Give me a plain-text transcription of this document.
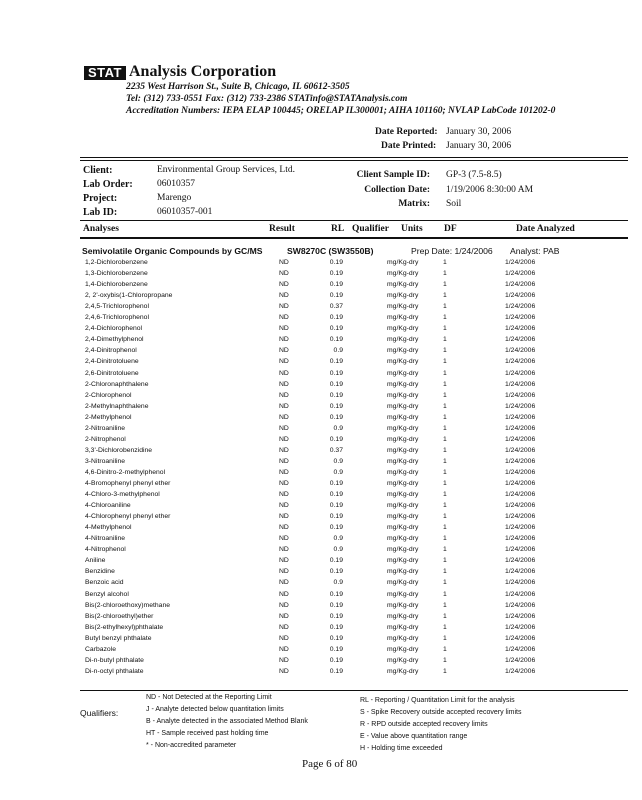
STAT Analysis Corporation
2235 West Harrison St., Suite B, Chicago, IL 60612-3505
Tel: (312) 733-0551 Fax: (312) 733-2386 STATinfo@STATAnalysis.com
Accreditation Numbers: IEPA ELAP 100445; ORELAP IL300001; AIHA 101160; NVLAP LabCode 101202-0
Date Reported: January 30, 2006
Date Printed: January 30, 2006
Client:	Environmental Group Services, Ltd.
Lab Order:	06010357
Project:	Marengo
Lab ID:	06010357-001
Client Sample ID: GP-3 (7.5-8.5)
Collection Date: 1/19/2006 8:30:00 AM
Matrix: Soil
Analyses	Result	RL Qualifier Units DF	Date Analyzed
Semivolatile Organic Compounds by GC/MS	SW8270C (SW3550B)	Prep Date: 1/24/2006 Analyst: PAB
1,2-Dichlorobenzene	ND	0.19	mg/Kg-dry	1	1/24/2006
1,3-Dichlorobenzene	ND	0.19	mg/Kg-dry	1	1/24/2006
1,4-Dichlorobenzene	ND	0.19	mg/Kg-dry	1	1/24/2006
2, 2'-oxybis(1-Chloropropane	ND	0.19	mg/Kg-dry	1	1/24/2006
2,4,5-Trichlorophenol	ND	0.37	mg/Kg-dry	1	1/24/2006
2,4,6-Trichlorophenol	ND	0.19	mg/Kg-dry	1	1/24/2006
2,4-Dichlorophenol	ND	0.19	mg/Kg-dry	1	1/24/2006
2,4-Dimethylphenol	ND	0.19	mg/Kg-dry	1	1/24/2006
2,4-Dinitrophenol	ND	0.9	mg/Kg-dry	1	1/24/2006
2,4-Dinitrotoluene	ND	0.19	mg/Kg-dry	1	1/24/2006
2,6-Dinitrotoluene	ND	0.19	mg/Kg-dry	1	1/24/2006
2-Chloronaphthalene	ND	0.19	mg/Kg-dry	1	1/24/2006
2-Chlorophenol	ND	0.19	mg/Kg-dry	1	1/24/2006
2-Methylnaphthalene	ND	0.19	mg/Kg-dry	1	1/24/2006
2-Methylphenol	ND	0.19	mg/Kg-dry	1	1/24/2006
2-Nitroaniline	ND	0.9	mg/Kg-dry	1	1/24/2006
2-Nitrophenol	ND	0.19	mg/Kg-dry	1	1/24/2006
3,3'-Dichlorobenzidine	ND	0.37	mg/Kg-dry	1	1/24/2006
3-Nitroaniline	ND	0.9	mg/Kg-dry	1	1/24/2006
4,6-Dinitro-2-methylphenol	ND	0.9	mg/Kg-dry	1	1/24/2006
4-Bromophenyl phenyl ether	ND	0.19	mg/Kg-dry	1	1/24/2006
4-Chloro-3-methylphenol	ND	0.19	mg/Kg-dry	1	1/24/2006
4-Chloroaniline	ND	0.19	mg/Kg-dry	1	1/24/2006
4-Chlorophenyl phenyl ether	ND	0.19	mg/Kg-dry	1	1/24/2006
4-Methylphenol	ND	0.19	mg/Kg-dry	1	1/24/2006
4-Nitroaniline	ND	0.9	mg/Kg-dry	1	1/24/2006
4-Nitrophenol	ND	0.9	mg/Kg-dry	1	1/24/2006
Aniline	ND	0.19	mg/Kg-dry	1	1/24/2006
Benzidine	ND	0.19	mg/Kg-dry	1	1/24/2006
Benzoic acid	ND	0.9	mg/Kg-dry	1	1/24/2006
Benzyl alcohol	ND	0.19	mg/Kg-dry	1	1/24/2006
Bis(2-chloroethoxy)methane	ND	0.19	mg/Kg-dry	1	1/24/2006
Bis(2-chloroethyl)ether	ND	0.19	mg/Kg-dry	1	1/24/2006
Bis(2-ethylhexyl)phthalate	ND	0.19	mg/Kg-dry	1	1/24/2006
Butyl benzyl phthalate	ND	0.19	mg/Kg-dry	1	1/24/2006
Carbazole	ND	0.19	mg/Kg-dry	1	1/24/2006
Di-n-butyl phthalate	ND	0.19	mg/Kg-dry	1	1/24/2006
Di-n-octyl phthalate	ND	0.19	mg/Kg-dry	1	1/24/2006
Qualifiers:
ND - Not Detected at the Reporting Limit
J - Analyte detected below quantitation limits
B - Analyte detected in the associated Method Blank
HT - Sample received past holding time
* - Non-accredited parameter
RL - Reporting / Quantitation Limit for the analysis
S - Spike Recovery outside accepted recovery limits
R - RPD outside accepted recovery limits
E - Value above quantitation range
H - Holding time exceeded
Page 6 of 80
